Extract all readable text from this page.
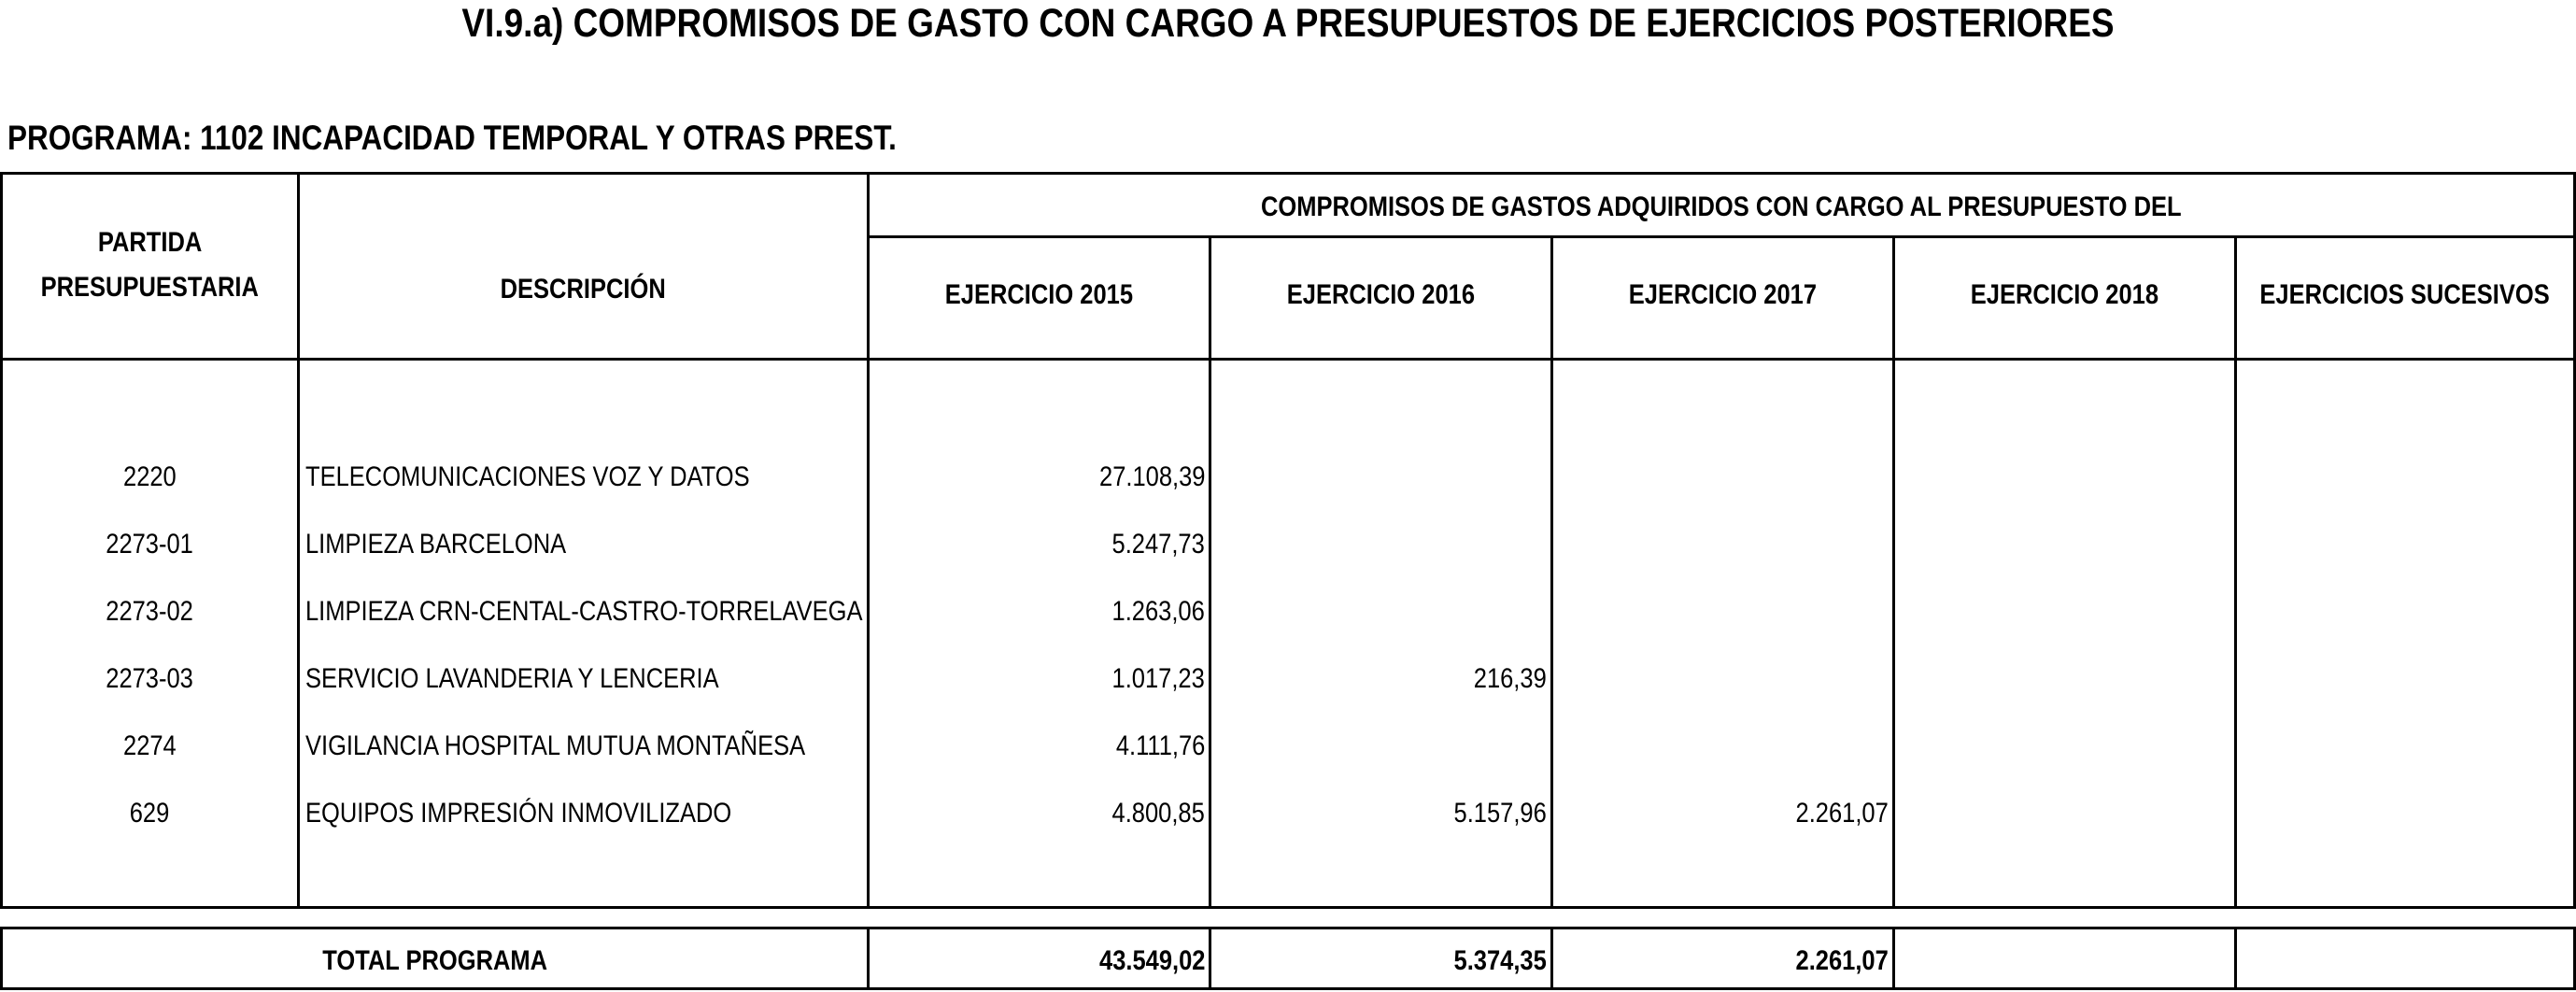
VI.9.a) COMPROMISOS DE GASTO CON CARGO A PRESUPUESTOS DE EJERCICIOS POSTERIORES
PROGRAMA: 1102 INCAPACIDAD TEMPORAL Y OTRAS PREST.
PARTIDA
PRESUPUESTARIA	DESCRIPCIÓN
COMPROMISOS DE GASTOS ADQUIRIDOS CON CARGO AL PRESUPUESTO DEL
EJERCICIO 2015	EJERCICIO 2016	EJERCICIO 2017	EJERCICIO 2018	EJERCICIOS SUCESIVOS
2220	TELECOMUNICACIONES VOZ Y DATOS	27.108,39
2273-01	LIMPIEZA BARCELONA	5.247,73
2273-02	LIMPIEZA CRN-CENTAL-CASTRO-TORRELAVEGA	1.263,06
2273-03	SERVICIO LAVANDERIA Y LENCERIA	1.017,23	216,39
2274	VIGILANCIA HOSPITAL MUTUA MONTAÑESA	4.111,76
629	EQUIPOS IMPRESIÓN INMOVILIZADO	4.800,85	5.157,96	2.261,07
TOTAL PROGRAMA	43.549,02	5.374,35	2.261,07
